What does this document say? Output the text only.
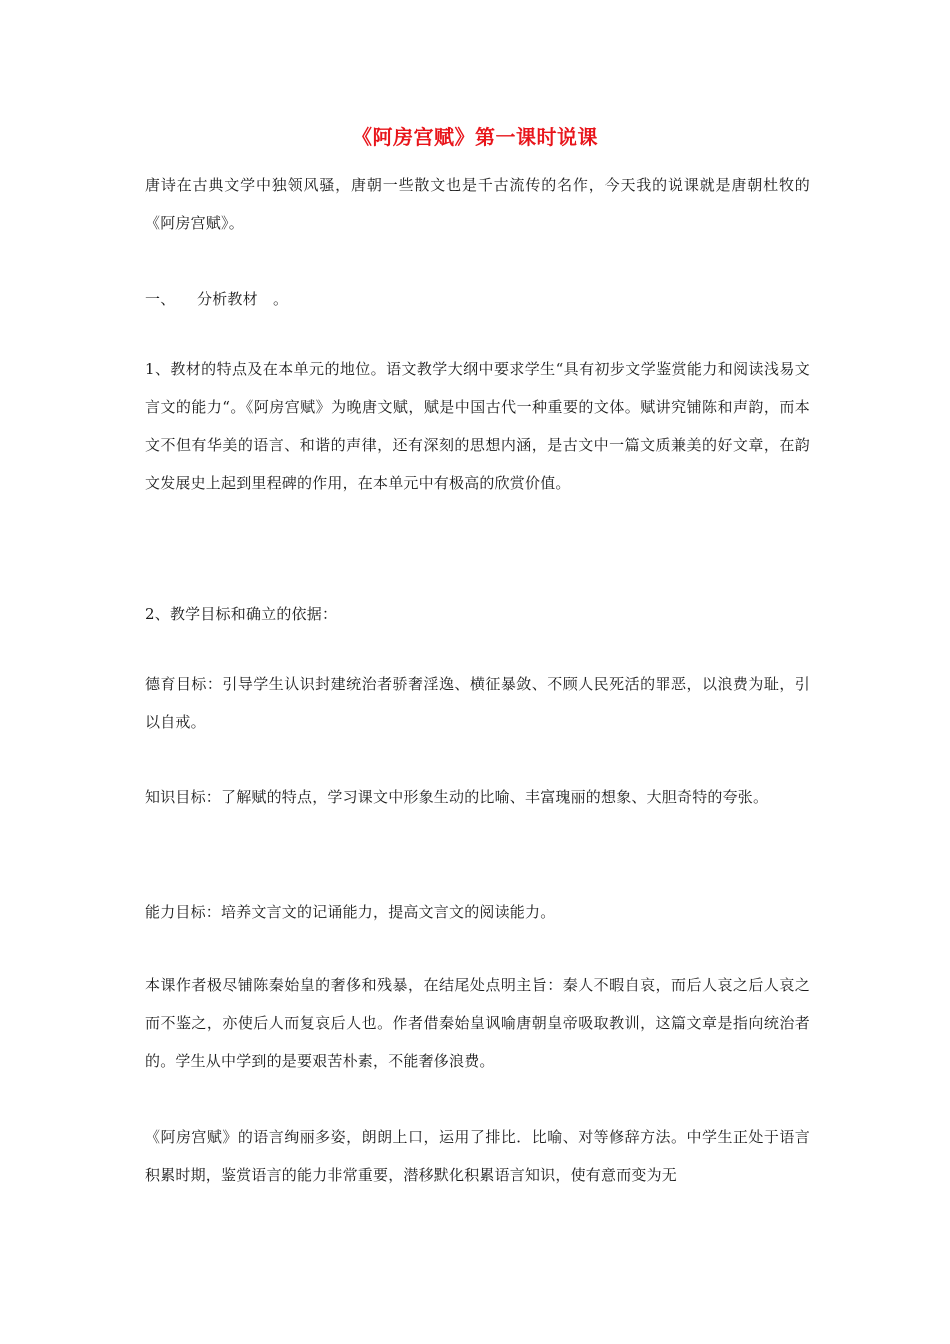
《阿房宫赋》第一课时说课

唐诗在古典文学中独领风骚，唐朝一些散文也是千古流传的名作，今天我的说课就是唐朝杜牧的《阿房宫赋》。

一、 分析教材　。

1、教材的特点及在本单元的地位。语文教学大纲中要求学生“具有初步文学鉴赏能力和阅读浅易文言文的能力“。《阿房宫赋》为晚唐文赋，赋是中国古代一种重要的文体。赋讲究铺陈和声韵，而本文不但有华美的语言、和谐的声律，还有深刻的思想内涵，是古文中一篇文质兼美的好文章，在韵文发展史上起到里程碑的作用，在本单元中有极高的欣赏价值。

2、教学目标和确立的依据：

德育目标：引导学生认识封建统治者骄奢淫逸、横征暴敛、不顾人民死活的罪恶，以浪费为耻，引以自戒。

知识目标：了解赋的特点，学习课文中形象生动的比喻、丰富瑰丽的想象、大胆奇特的夸张。

能力目标：培养文言文的记诵能力，提高文言文的阅读能力。

本课作者极尽铺陈秦始皇的奢侈和残暴，在结尾处点明主旨：秦人不暇自哀，而后人哀之后人哀之而不鉴之，亦使后人而复哀后人也。作者借秦始皇讽喻唐朝皇帝吸取教训，这篇文章是指向统治者的。学生从中学到的是要艰苦朴素，不能奢侈浪费。

《阿房宫赋》的语言绚丽多姿，朗朗上口，运用了排比．比喻、对等修辞方法。中学生正处于语言积累时期，鉴赏语言的能力非常重要，潜移默化积累语言知识，使有意而变为无
